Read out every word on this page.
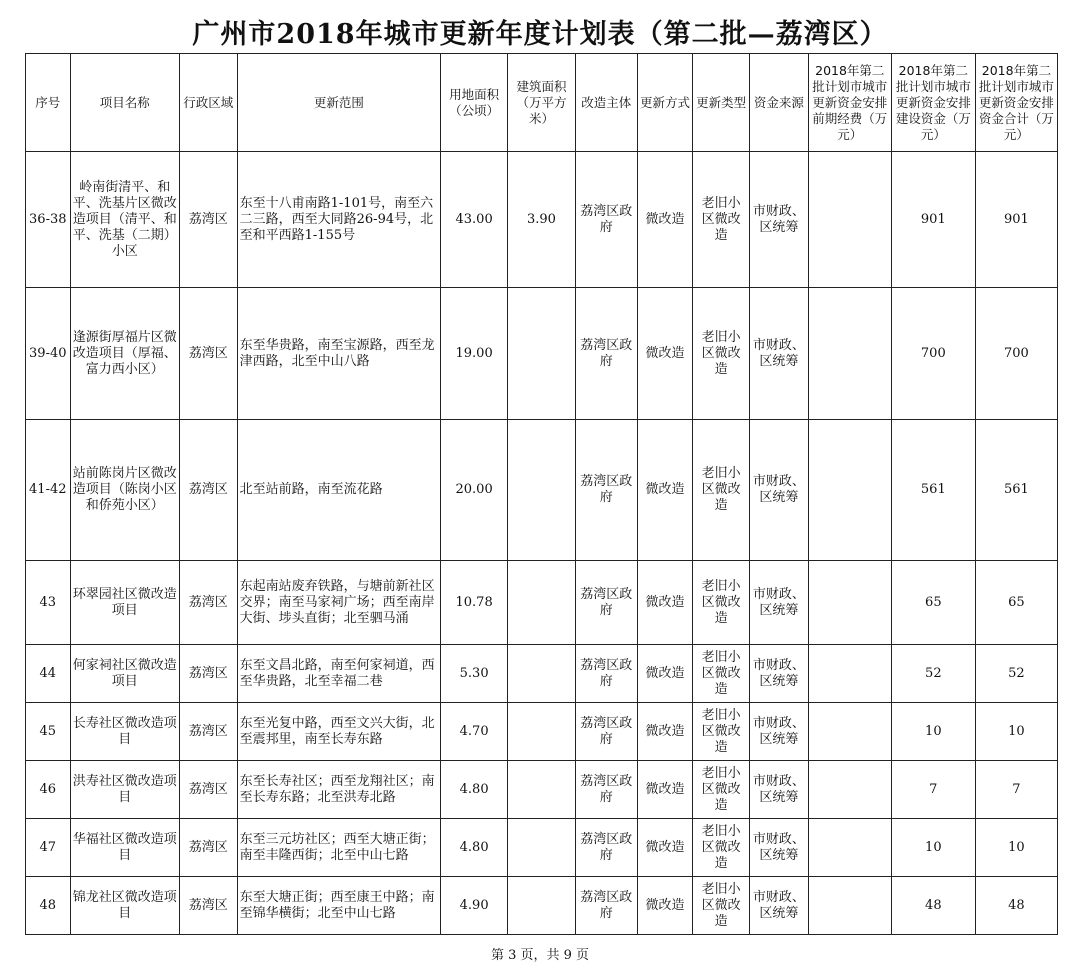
广州市2018年城市更新年度计划表（第二批—荔湾区）
序号	项目名称	行政区域	更新范围	用地面积（公顷）	建筑面积（万平方米）	改造主体	更新方式	更新类型	资金来源	2018年第二批计划市城市更新资金安排前期经费（万元）	2018年第二批计划市城市更新资金安排建设资金（万元）	2018年第二批计划市城市更新资金安排资金合计（万元）
36-38	岭南街清平、和平、洗基片区微改造项目（清平、和平、洗基（二期）小区	荔湾区	东至十八甫南路1-101号，南至六二三路，西至大同路26-94号，北至和平西路1-155号	43.00	3.90	荔湾区政府	微改造	老旧小区微改造	市财政、区统筹		901	901
39-40	逢源街厚福片区微改造项目（厚福、富力西小区）	荔湾区	东至华贵路，南至宝源路，西至龙津西路，北至中山八路	19.00		荔湾区政府	微改造	老旧小区微改造	市财政、区统筹		700	700
41-42	站前陈岗片区微改造项目（陈岗小区和侨苑小区）	荔湾区	北至站前路，南至流花路	20.00		荔湾区政府	微改造	老旧小区微改造	市财政、区统筹		561	561
43	环翠园社区微改造项目	荔湾区	东起南站废弃铁路，与塘前新社区交界；南至马家祠广场；西至南岸大街、埗头直街；北至驷马涌	10.78		荔湾区政府	微改造	老旧小区微改造	市财政、区统筹		65	65
44	何家祠社区微改造项目	荔湾区	东至文昌北路，南至何家祠道，西至华贵路，北至幸福二巷	5.30		荔湾区政府	微改造	老旧小区微改造	市财政、区统筹		52	52
45	长寿社区微改造项目	荔湾区	东至光复中路，西至文兴大街，北至震邦里，南至长寿东路	4.70		荔湾区政府	微改造	老旧小区微改造	市财政、区统筹		10	10
46	洪寿社区微改造项目	荔湾区	东至长寿社区；西至龙翔社区；南至长寿东路；北至洪寿北路	4.80		荔湾区政府	微改造	老旧小区微改造	市财政、区统筹		7	7
47	华福社区微改造项目	荔湾区	东至三元坊社区；西至大塘正街；南至丰隆西街；北至中山七路	4.80		荔湾区政府	微改造	老旧小区微改造	市财政、区统筹		10	10
48	锦龙社区微改造项目	荔湾区	东至大塘正街；西至康王中路；南至锦华横街；北至中山七路	4.90		荔湾区政府	微改造	老旧小区微改造	市财政、区统筹		48	48
第 3 页，共 9 页
